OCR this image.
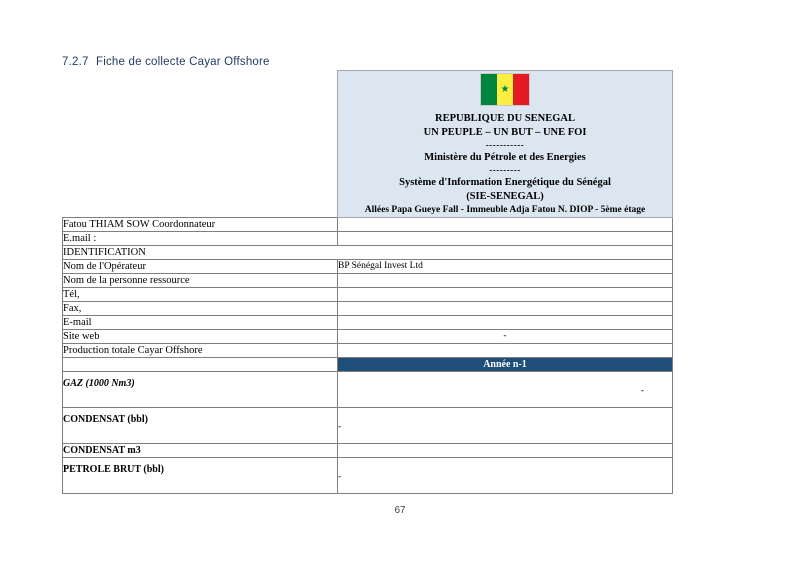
7.2.7 Fiche de collecte Cayar Offshore

★
REPUBLIQUE DU SENEGAL
UN PEUPLE – UN BUT – UNE FOI
-----------
Ministère du Pétrole et des Energies
---------
Système d'Information Energétique du Sénégal
(SIE-SENEGAL)
Allées Papa Gueye Fall - Immeuble Adja Fatou N. DIOP - 5ème étage

Fatou THIAM SOW Coordonnateur	
E.mail :	
IDENTIFICATION	
Nom de l'Opérateur	BP Sénégal Invest Ltd
Nom de la personne ressource	
Tél,	
Fax,	
E-mail	
Site web	-
Production totale Cayar Offshore	
	Année n-1
GAZ (1000 Nm3)	-
CONDENSAT (bbl)	-
CONDENSAT m3	
PETROLE BRUT (bbl)	-
67
